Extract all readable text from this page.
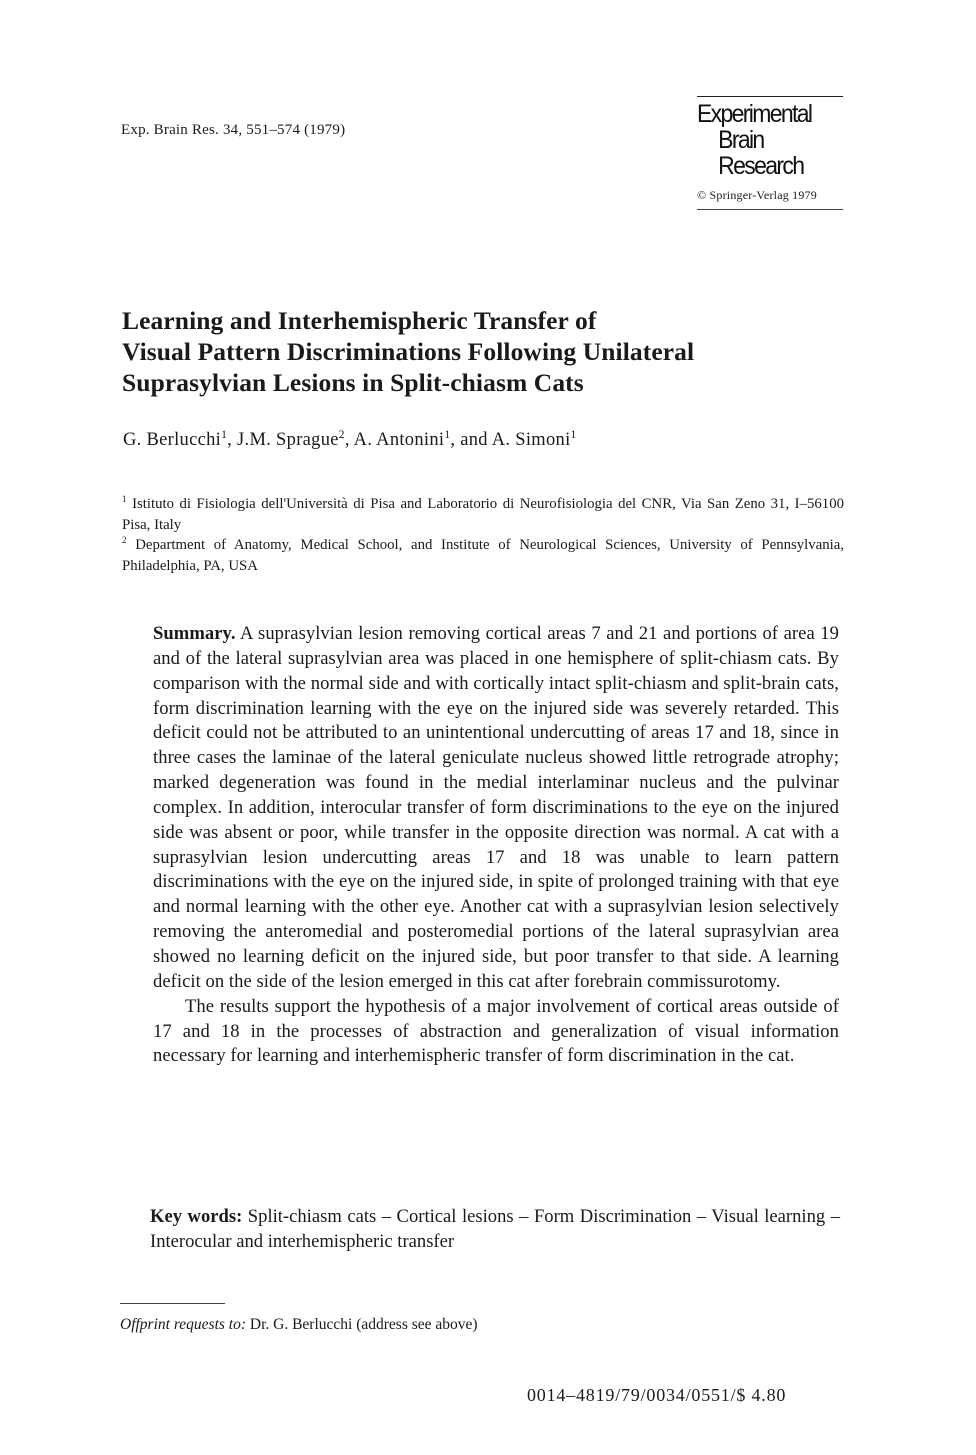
Exp. Brain Res. 34, 551–574 (1979)
Experimental
Brain
Research
© Springer-Verlag 1979
Learning and Interhemispheric Transfer of
Visual Pattern Discriminations Following Unilateral
Suprasylvian Lesions in Split-chiasm Cats
G. Berlucchi$^1$, J.M. Sprague$^2$, A. Antonini$^1$, and A. Simoni$^1$
$^1$ Istituto di Fisiologia dell'Università di Pisa and Laboratorio di Neurofisiologia del CNR, Via San Zeno 31, I–56100 Pisa, Italy
$^2$ Department of Anatomy, Medical School, and Institute of Neurological Sciences, University of Pennsylvania, Philadelphia, PA, USA

Summary. A suprasylvian lesion removing cortical areas 7 and 21 and portions of area 19 and of the lateral suprasylvian area was placed in one hemisphere of split-chiasm cats. By comparison with the normal side and with cortically intact split-chiasm and split-brain cats, form discrimination learning with the eye on the injured side was severely retarded. This deficit could not be attributed to an unintentional undercutting of areas 17 and 18, since in three cases the laminae of the lateral geniculate nucleus showed little retrograde atrophy; marked degeneration was found in the medial interlaminar nucleus and the pulvinar complex. In addition, interocular transfer of form discriminations to the eye on the injured side was absent or poor, while transfer in the opposite direction was normal. A cat with a suprasylvian lesion undercutting areas 17 and 18 was unable to learn pattern discriminations with the eye on the injured side, in spite of prolonged training with that eye and normal learning with the other eye. Another cat with a suprasylvian lesion selectively removing the anteromedial and posteromedial portions of the lateral suprasylvian area showed no learning deficit on the injured side, but poor transfer to that side. A learning deficit on the side of the lesion emerged in this cat after forebrain commissurotomy.

The results support the hypothesis of a major involvement of cortical areas outside of 17 and 18 in the processes of abstraction and generalization of visual information necessary for learning and interhemispheric transfer of form discrimination in the cat.

Key words: Split-chiasm cats – Cortical lesions – Form Discrimination – Visual learning – Interocular and interhemispheric transfer
Offprint requests to: Dr. G. Berlucchi (address see above)
0014–4819/79/0034/0551/$ 4.80
